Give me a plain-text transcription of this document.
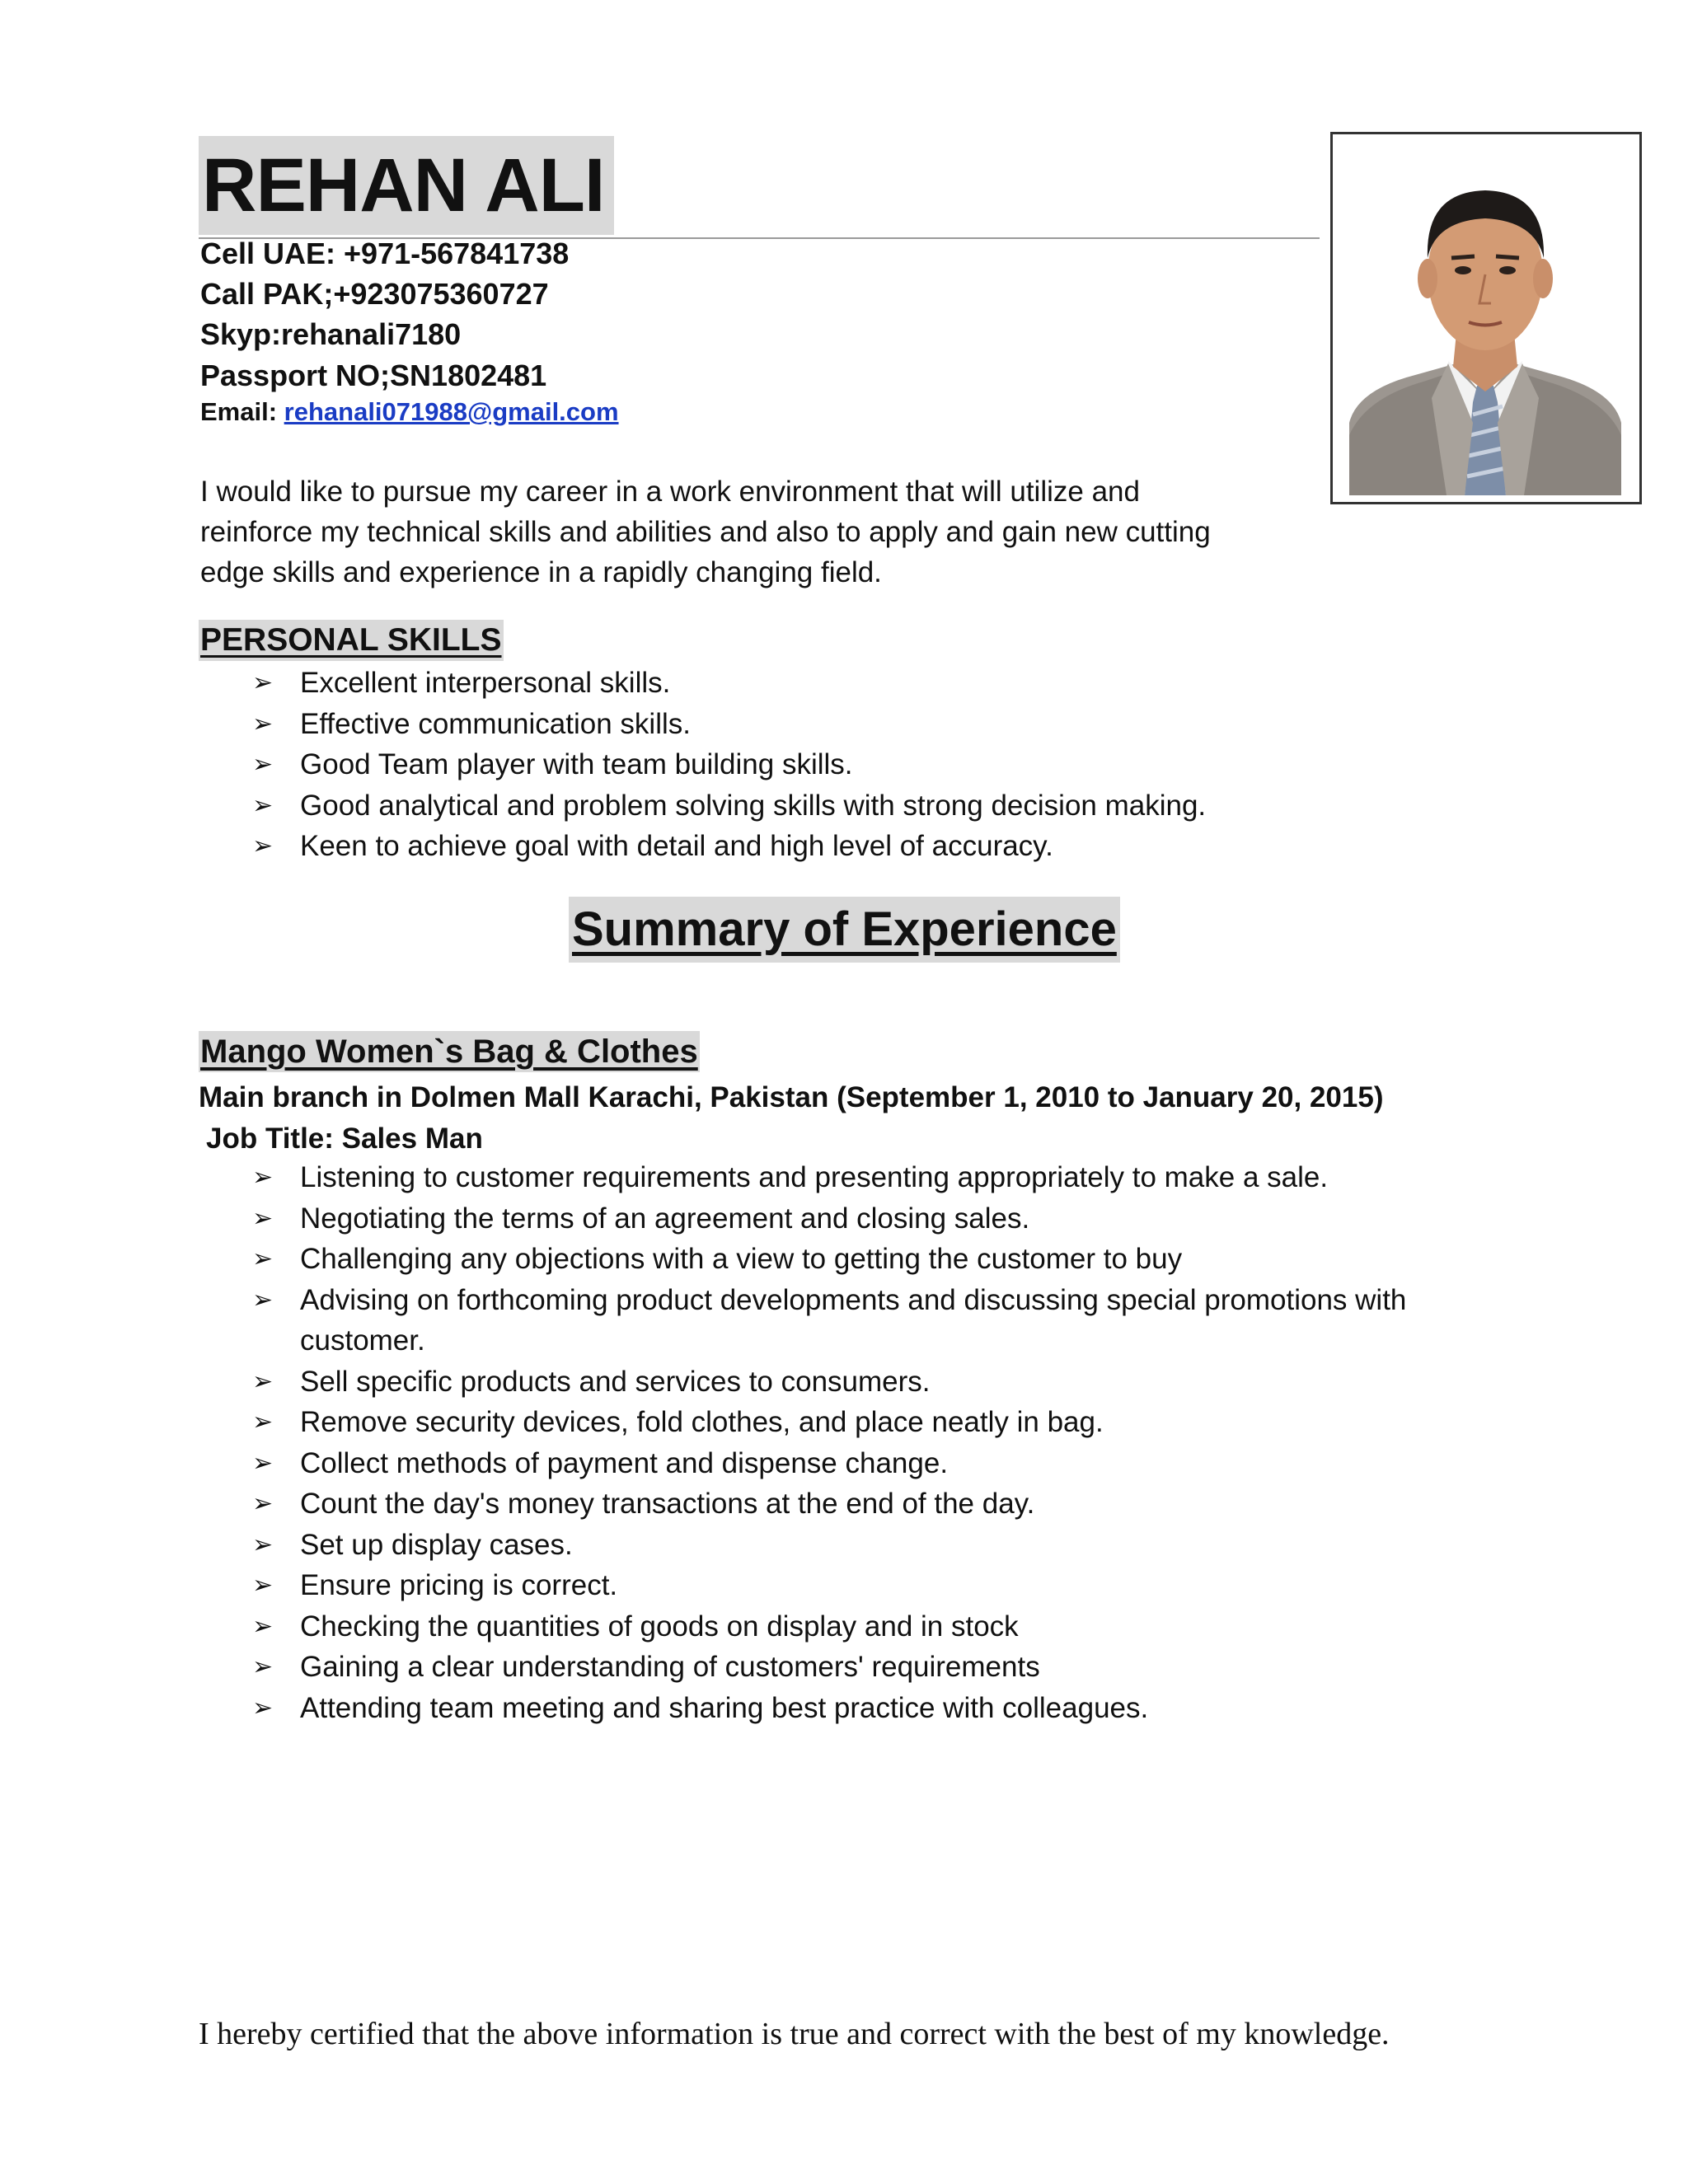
REHAN ALI
Cell UAE: +971-567841738
Call PAK;+923075360727
Skyp:rehanali7180
Passport NO;SN1802481
Email: rehanali071988@gmail.com
I would like to pursue my career in a work environment that will utilize and
reinforce my technical skills and abilities and also to apply and gain new cutting
edge skills and experience in a rapidly changing field.
PERSONAL SKILLS
➢ Excellent interpersonal skills.
➢ Effective communication skills.
➢ Good Team player with team building skills.
➢ Good analytical and problem solving skills with strong decision making.
➢ Keen to achieve goal with detail and high level of accuracy.
Summary of Experience
Mango Women`s Bag & Clothes
Main branch in Dolmen Mall Karachi, Pakistan (September 1, 2010 to January 20, 2015)
Job Title: Sales Man
➢ Listening to customer requirements and presenting appropriately to make a sale.
➢ Negotiating the terms of an agreement and closing sales.
➢ Challenging any objections with a view to getting the customer to buy
➢ Advising on forthcoming product developments and discussing special promotions with customer.
➢ Sell specific products and services to consumers.
➢ Remove security devices, fold clothes, and place neatly in bag.
➢ Collect methods of payment and dispense change.
➢ Count the day's money transactions at the end of the day.
➢ Set up display cases.
➢ Ensure pricing is correct.
➢ Checking the quantities of goods on display and in stock
➢ Gaining a clear understanding of customers' requirements
➢ Attending team meeting and sharing best practice with colleagues.
I hereby certified that the above information is true and correct with the best of my knowledge.
